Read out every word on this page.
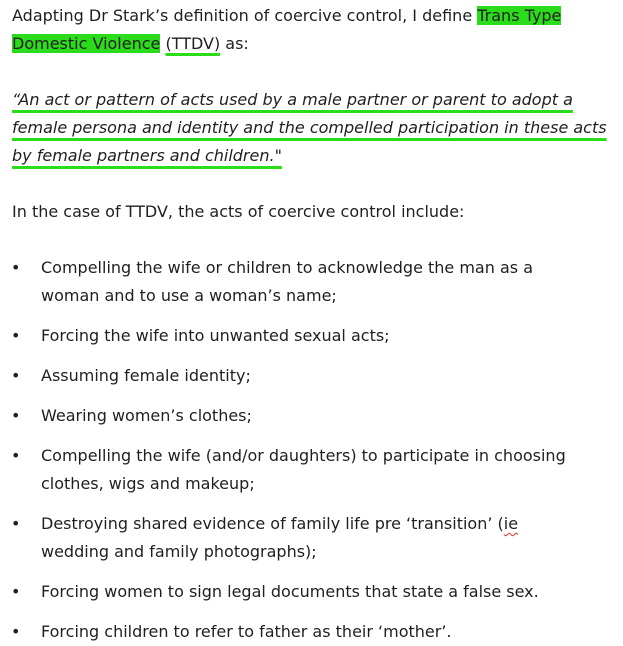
Adapting Dr Stark’s definition of coercive control, I define Trans Type Domestic Violence (TTDV) as:

“An act or pattern of acts used by a male partner or parent to adopt a female persona and identity and the compelled participation in these acts by female partners and children."

In the case of TTDV, the acts of coercive control include:

• Compelling the wife or children to acknowledge the man as a woman and to use a woman’s name;
• Forcing the wife into unwanted sexual acts;
• Assuming female identity;
• Wearing women’s clothes;
• Compelling the wife (and/or daughters) to participate in choosing clothes, wigs and makeup;
• Destroying shared evidence of family life pre ‘transition’ (ie wedding and family photographs);
• Forcing women to sign legal documents that state a false sex.
• Forcing children to refer to father as their ‘mother’.
